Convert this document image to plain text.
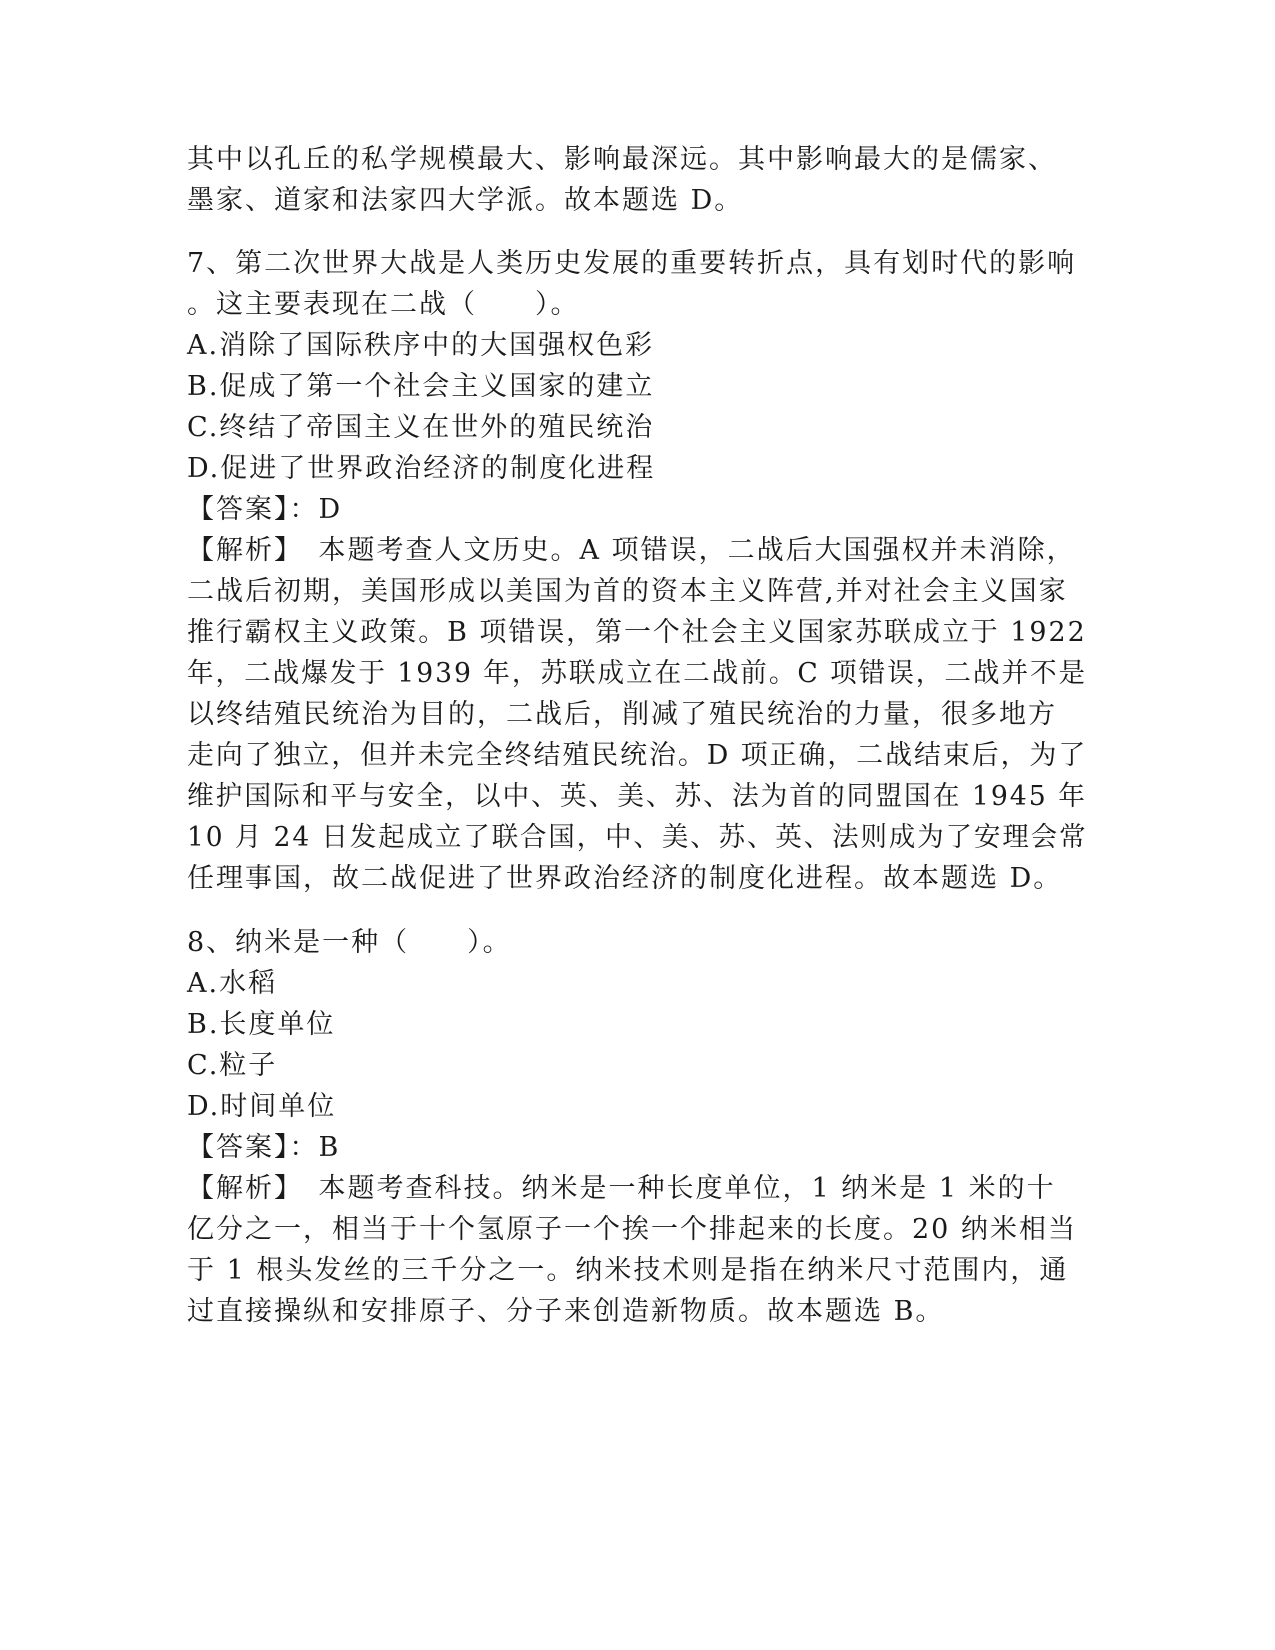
其中以孔丘的私学规模最大、影响最深远。其中影响最大的是儒家、
墨家、道家和法家四大学派。故本题选 D。
7、第二次世界大战是人类历史发展的重要转折点，具有划时代的影响
。这主要表现在二战（　　）。
A.消除了国际秩序中的大国强权色彩
B.促成了第一个社会主义国家的建立
C.终结了帝国主义在世外的殖民统治
D.促进了世界政治经济的制度化进程
【答案】：D
【解析】　本题考查人文历史。A 项错误，二战后大国强权并未消除，
二战后初期，美国形成以美国为首的资本主义阵营,并对社会主义国家
推行霸权主义政策。B 项错误，第一个社会主义国家苏联成立于 1922
年，二战爆发于 1939 年，苏联成立在二战前。C 项错误，二战并不是
以终结殖民统治为目的，二战后，削减了殖民统治的力量，很多地方
走向了独立，但并未完全终结殖民统治。D 项正确，二战结束后，为了
维护国际和平与安全，以中、英、美、苏、法为首的同盟国在 1945 年
10 月 24 日发起成立了联合国，中、美、苏、英、法则成为了安理会常
任理事国，故二战促进了世界政治经济的制度化进程。故本题选 D。
8、纳米是一种（　　）。
A.水稻
B.长度单位
C.粒子
D.时间单位
【答案】：B
【解析】　本题考查科技。纳米是一种长度单位，1 纳米是 1 米的十
亿分之一，相当于十个氢原子一个挨一个排起来的长度。20 纳米相当
于 1 根头发丝的三千分之一。纳米技术则是指在纳米尺寸范围内，通
过直接操纵和安排原子、分子来创造新物质。故本题选 B。
